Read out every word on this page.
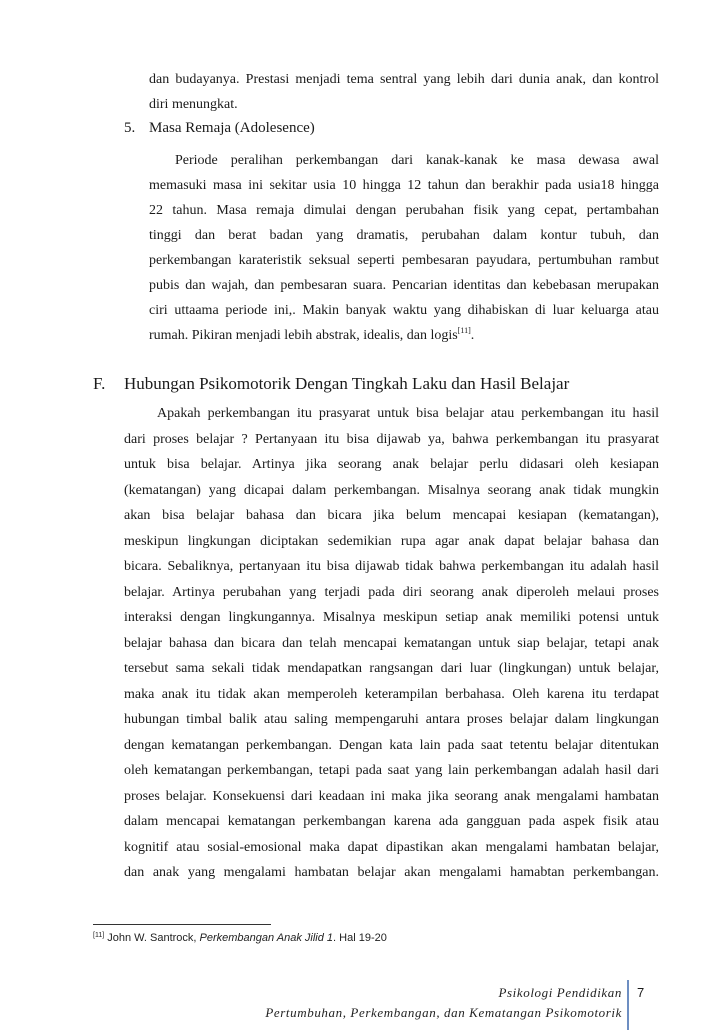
dan budayanya. Prestasi menjadi tema sentral yang lebih dari dunia anak, dan kontrol
diri menungkat.
5. Masa Remaja (Adolesence)
Periode peralihan perkembangan dari kanak-kanak ke masa dewasa awal
memasuki masa ini sekitar usia 10 hingga 12 tahun dan berakhir pada usia18 hingga
22 tahun. Masa remaja dimulai dengan perubahan fisik yang cepat, pertambahan
tinggi dan berat badan yang dramatis, perubahan dalam kontur tubuh, dan
perkembangan karateristik seksual seperti pembesaran payudara, pertumbuhan rambut
pubis dan wajah, dan pembesaran suara. Pencarian identitas dan kebebasan merupakan
ciri uttaama periode ini,. Makin banyak waktu yang dihabiskan di luar keluarga atau
rumah. Pikiran menjadi lebih abstrak, idealis, dan logis[11].
F. Hubungan Psikomotorik Dengan Tingkah Laku dan Hasil Belajar
Apakah perkembangan itu prasyarat untuk bisa belajar atau perkembangan itu hasil
dari proses belajar ? Pertanyaan itu bisa dijawab ya, bahwa perkembangan itu prasyarat
untuk bisa belajar. Artinya jika seorang anak belajar perlu didasari oleh kesiapan
(kematangan) yang dicapai dalam perkembangan. Misalnya seorang anak tidak mungkin
akan bisa belajar bahasa dan bicara jika belum mencapai kesiapan (kematangan),
meskipun lingkungan diciptakan sedemikian rupa agar anak dapat belajar bahasa dan
bicara. Sebaliknya, pertanyaan itu bisa dijawab tidak bahwa perkembangan itu adalah hasil
belajar. Artinya perubahan yang terjadi pada diri seorang anak diperoleh melaui proses
interaksi dengan lingkungannya. Misalnya meskipun setiap anak memiliki potensi untuk
belajar bahasa dan bicara dan telah mencapai kematangan untuk siap belajar, tetapi anak
tersebut sama sekali tidak mendapatkan rangsangan dari luar (lingkungan) untuk belajar,
maka anak itu tidak akan memperoleh keterampilan berbahasa. Oleh karena itu terdapat
hubungan timbal balik atau saling mempengaruhi antara proses belajar dalam lingkungan
dengan kematangan perkembangan. Dengan kata lain pada saat tetentu belajar ditentukan
oleh kematangan perkembangan, tetapi pada saat yang lain perkembangan adalah hasil dari
proses belajar. Konsekuensi dari keadaan ini maka jika seorang anak mengalami hambatan
dalam mencapai kematangan perkembangan karena ada gangguan pada aspek fisik atau
kognitif atau sosial-emosional maka dapat dipastikan akan mengalami hambatan belajar,
dan anak yang mengalami hambatan belajar akan mengalami hamabtan perkembangan.
[11] John W. Santrock, Perkembangan Anak Jilid 1. Hal 19-20
Psikologi Pendidikan
Pertumbuhan, Perkembangan, dan Kematangan Psikomotorik
7
